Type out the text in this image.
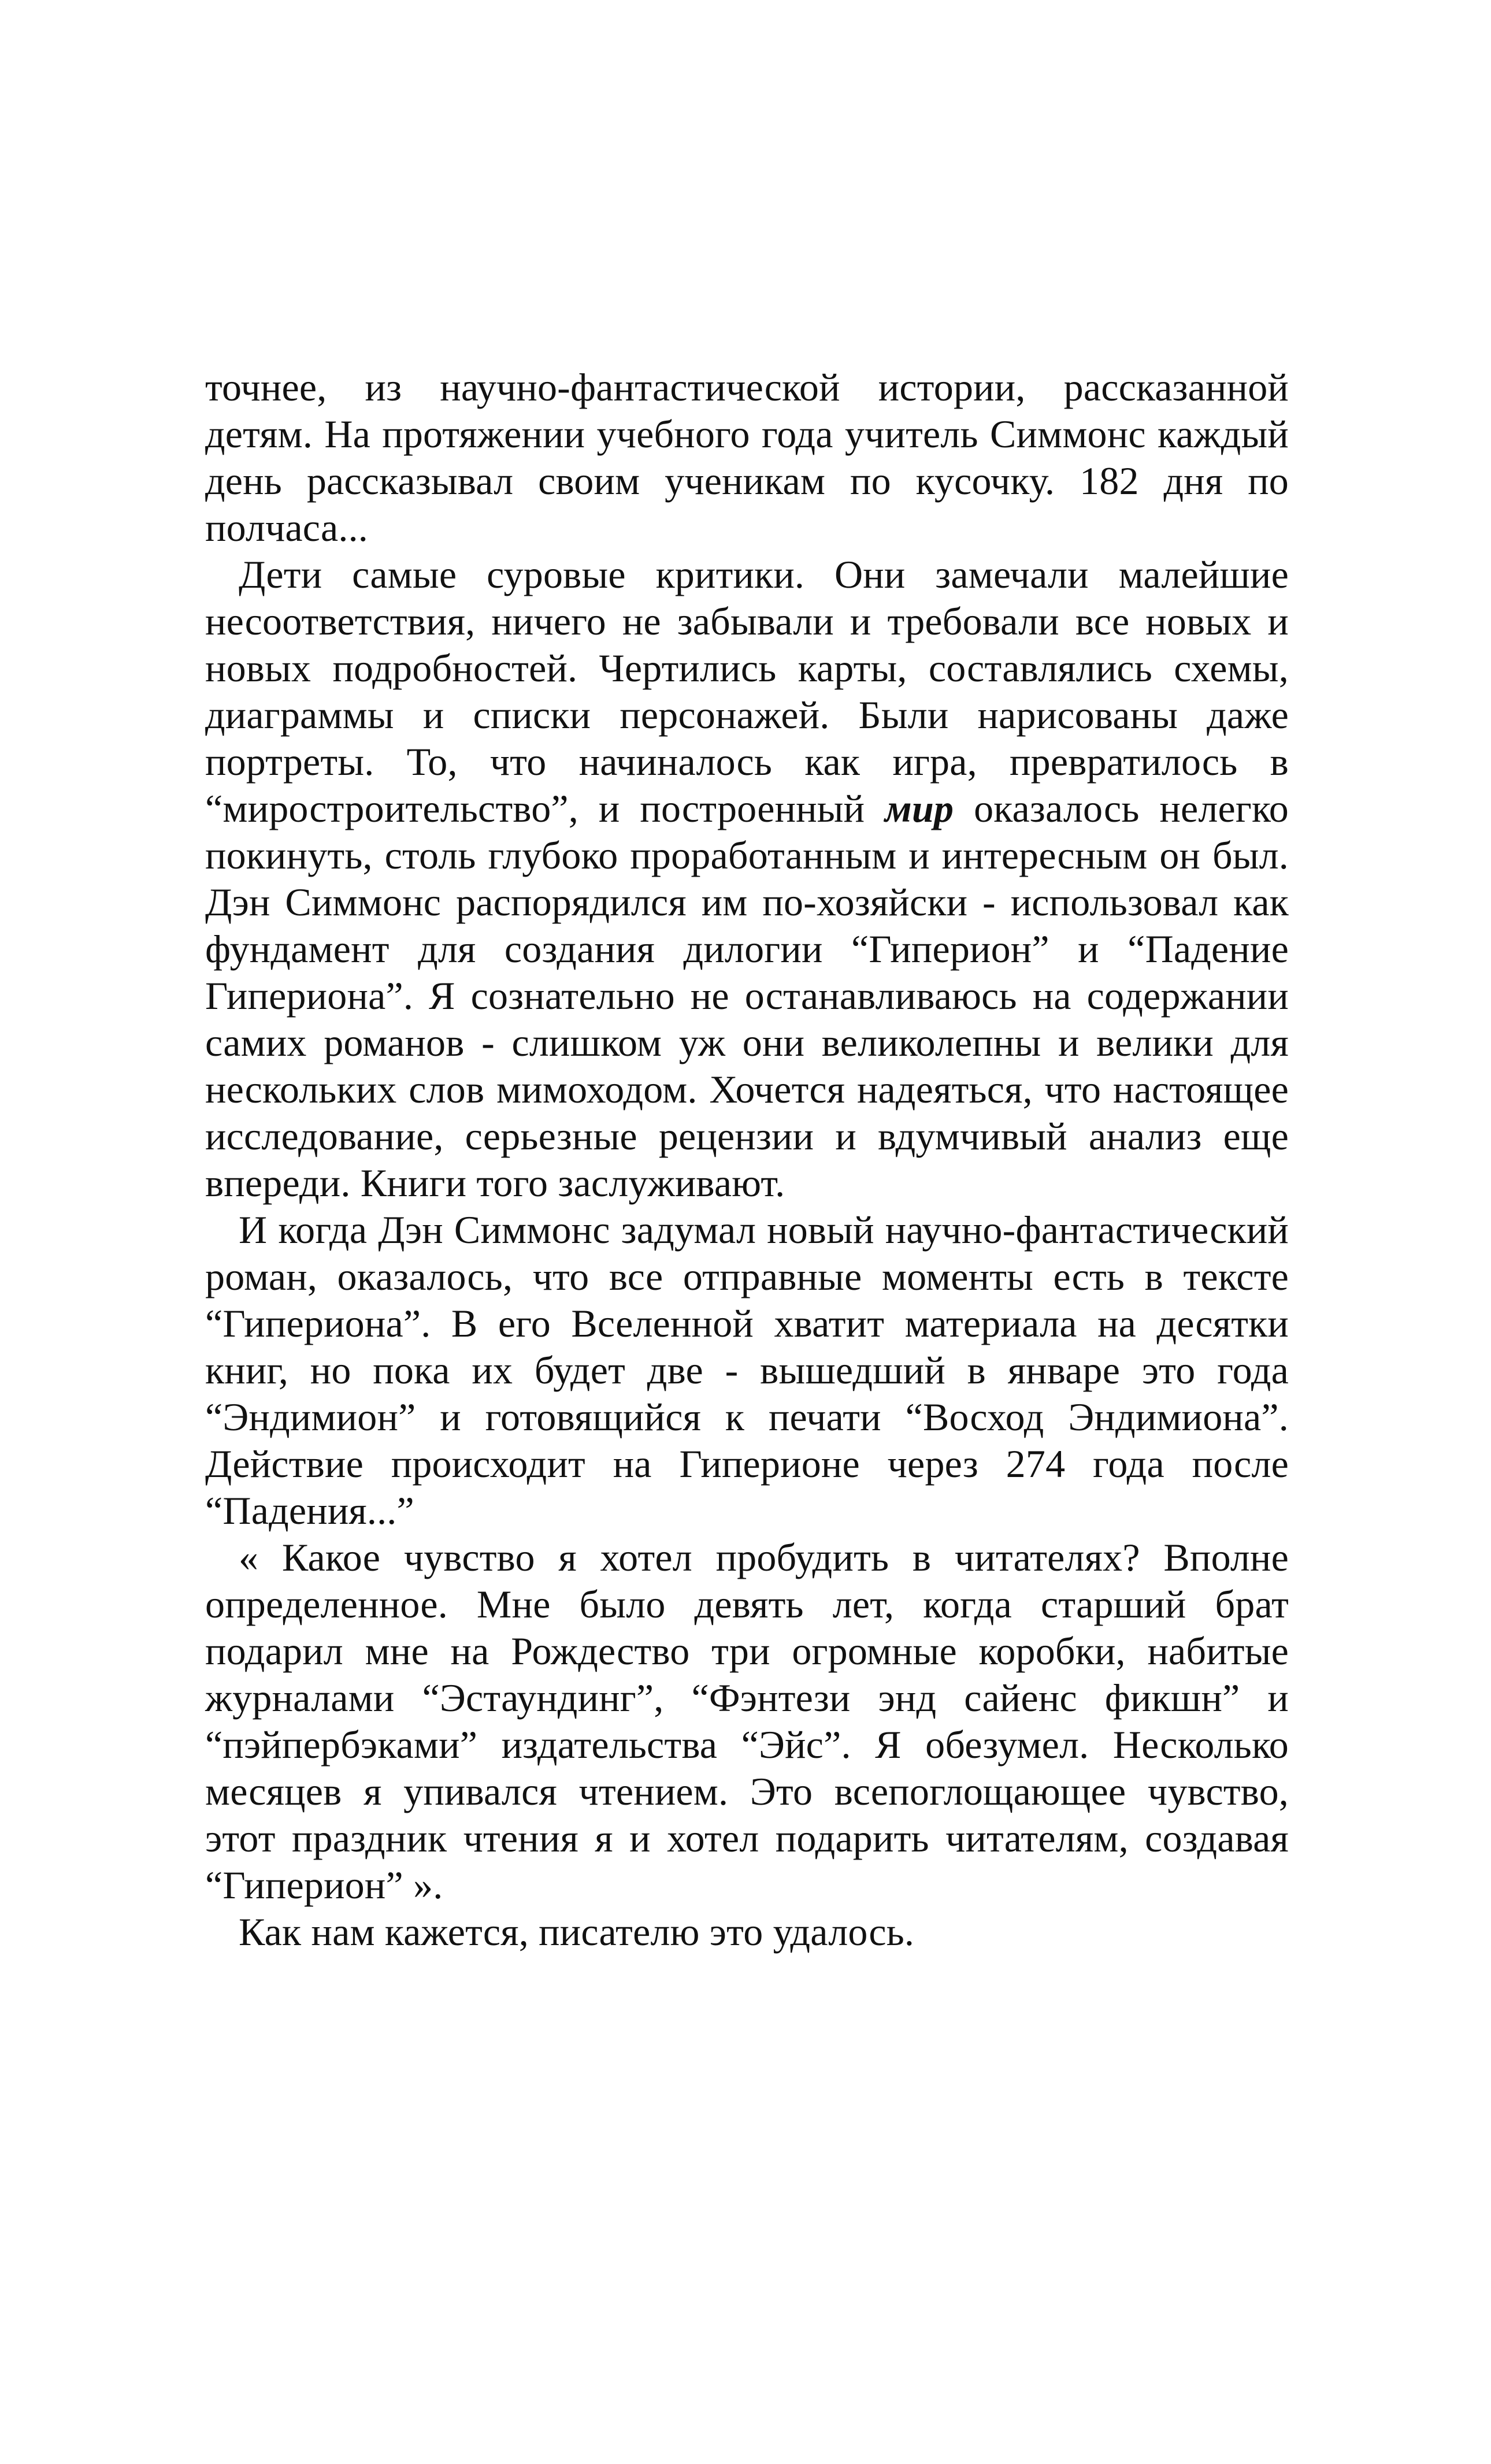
точнее, из научно-фантастической истории, рассказанной детям. На протяжении учебного года учитель Симмонс каждый день рассказывал своим ученикам по кусочку. 182 дня по полчаса...

Дети самые суровые критики. Они замечали малейшие несоответствия, ничего не забывали и требовали все новых и новых подробностей. Чертились карты, составлялись схемы, диаграммы и списки персонажей. Были нарисованы даже портреты. То, что начиналось как игра, превратилось в “миростроительство”, и построенный мир оказалось нелегко покинуть, столь глубоко проработанным и интересным он был. Дэн Симмонс распорядился им по-хозяйски - использовал как фундамент для создания дилогии “Гиперион” и “Падение Гипериона”. Я сознательно не останавливаюсь на содержании самих романов - слишком уж они великолепны и велики для нескольких слов мимоходом. Хочется надеяться, что настоящее исследование, серьезные рецензии и вдумчивый анализ еще впереди. Книги того заслуживают.

И когда Дэн Симмонс задумал новый научно-фантастический роман, оказалось, что все отправные моменты есть в тексте “Гипериона”. В его Вселенной хватит материала на десятки книг, но пока их будет две - вышедший в январе это года “Эндимион” и готовящийся к печати “Восход Эндимиона”. Действие происходит на Гиперионе через 274 года после “Падения...”

« Какое чувство я хотел пробудить в читателях? Вполне определенное. Мне было девять лет, когда старший брат подарил мне на Рождество три огромные коробки, набитые журналами “Эстаундинг”, “Фэнтези энд сайенс фикшн” и “пэйпербэками” издательства “Эйс”. Я обезумел. Несколько месяцев я упивался чтением. Это всепоглощающее чувство, этот праздник чтения я и хотел подарить читателям, создавая “Гиперион” ».

Как нам кажется, писателю это удалось.
